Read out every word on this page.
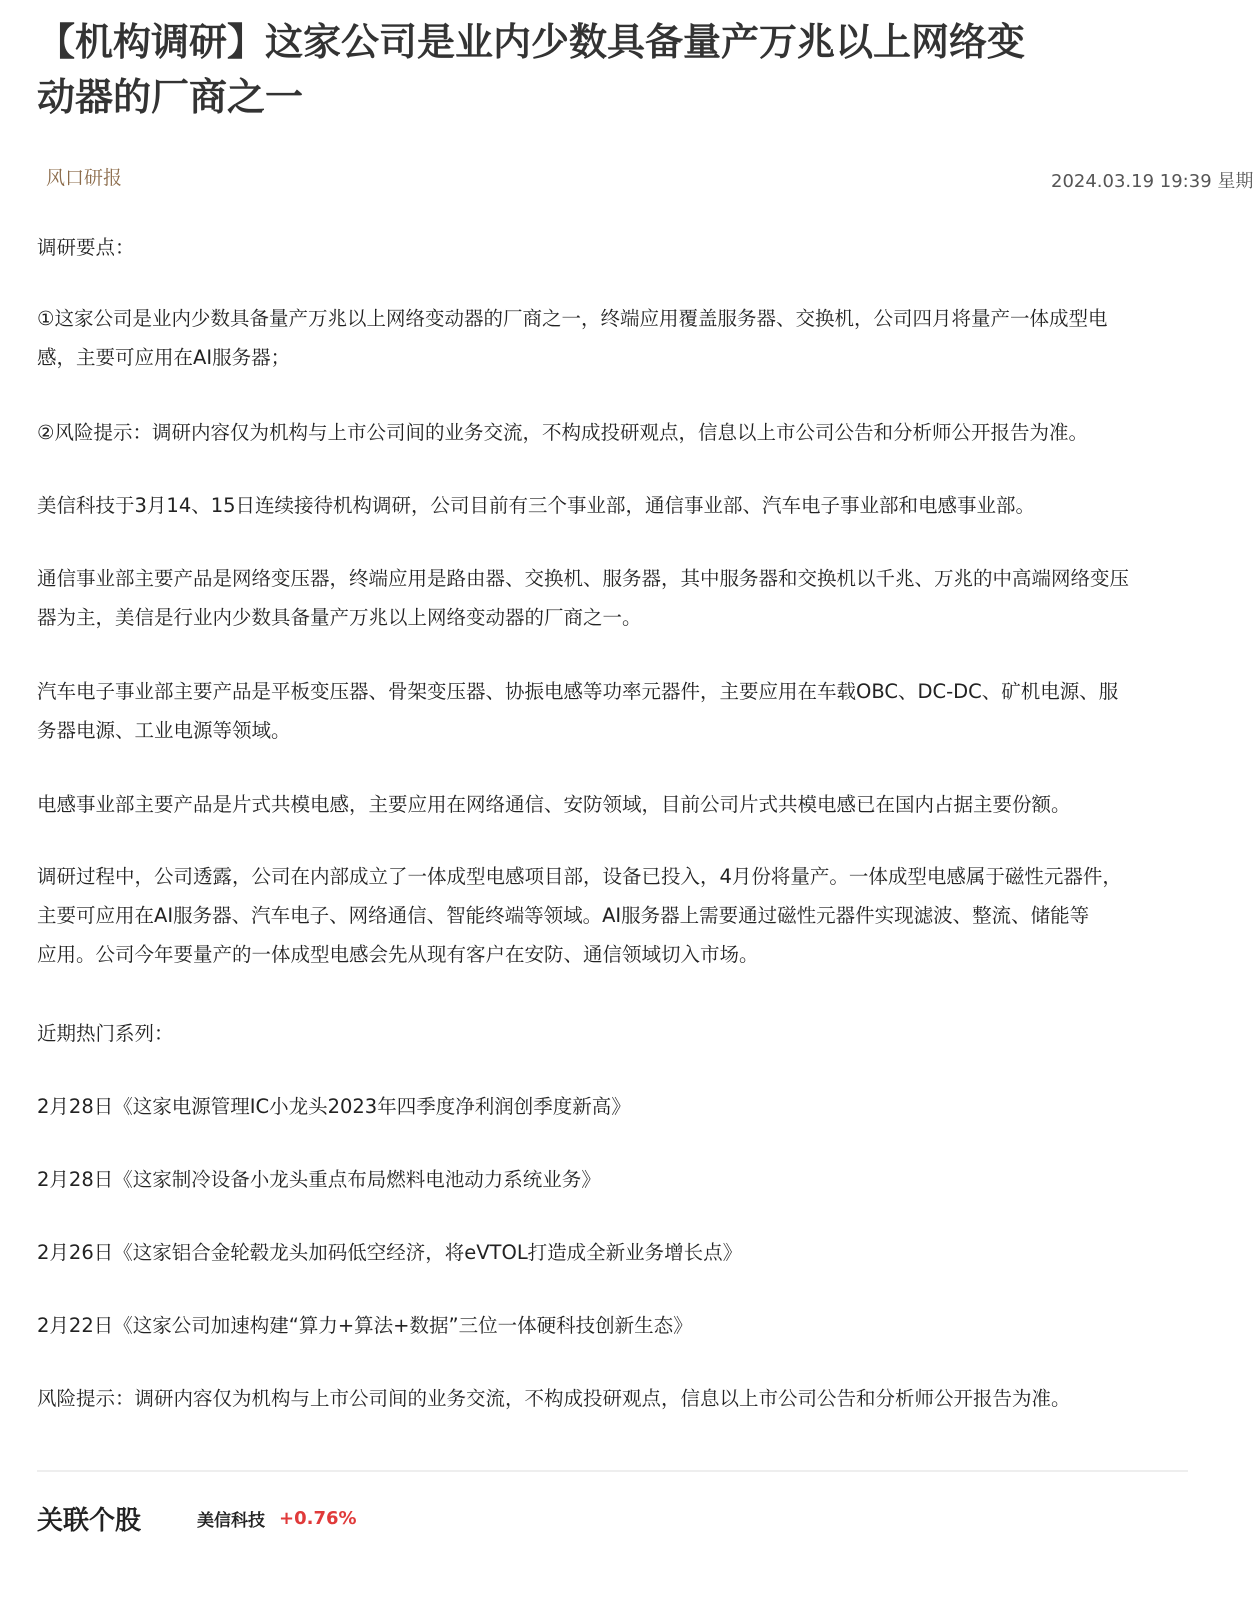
【机构调研】这家公司是业内少数具备量产万兆以上网络变
动器的厂商之一
风口研报	2024.03.19 19:39 星期

调研要点：

①这家公司是业内少数具备量产万兆以上网络变动器的厂商之一，终端应用覆盖服务器、交换机，公司四月将量产一体成型电
感，主要可应用在AI服务器；

②风险提示：调研内容仅为机构与上市公司间的业务交流，不构成投研观点，信息以上市公司公告和分析师公开报告为准。

美信科技于3月14、15日连续接待机构调研，公司目前有三个事业部，通信事业部、汽车电子事业部和电感事业部。

通信事业部主要产品是网络变压器，终端应用是路由器、交换机、服务器，其中服务器和交换机以千兆、万兆的中高端网络变压
器为主，美信是行业内少数具备量产万兆以上网络变动器的厂商之一。

汽车电子事业部主要产品是平板变压器、骨架变压器、协振电感等功率元器件，主要应用在车载OBC、DC-DC、矿机电源、服
务器电源、工业电源等领域。

电感事业部主要产品是片式共模电感，主要应用在网络通信、安防领域，目前公司片式共模电感已在国内占据主要份额。

调研过程中，公司透露，公司在内部成立了一体成型电感项目部，设备已投入，4月份将量产。一体成型电感属于磁性元器件，
主要可应用在AI服务器、汽车电子、网络通信、智能终端等领域。AI服务器上需要通过磁性元器件实现滤波、整流、储能等
应用。公司今年要量产的一体成型电感会先从现有客户在安防、通信领域切入市场。

近期热门系列：

2月28日《这家电源管理IC小龙头2023年四季度净利润创季度新高》

2月28日《这家制冷设备小龙头重点布局燃料电池动力系统业务》

2月26日《这家铝合金轮毂龙头加码低空经济，将eVTOL打造成全新业务增长点》

2月22日《这家公司加速构建“算力+算法+数据”三位一体硬科技创新生态》

风险提示：调研内容仅为机构与上市公司间的业务交流，不构成投研观点，信息以上市公司公告和分析师公开报告为准。

关联个股	美信科技 +0.76%
